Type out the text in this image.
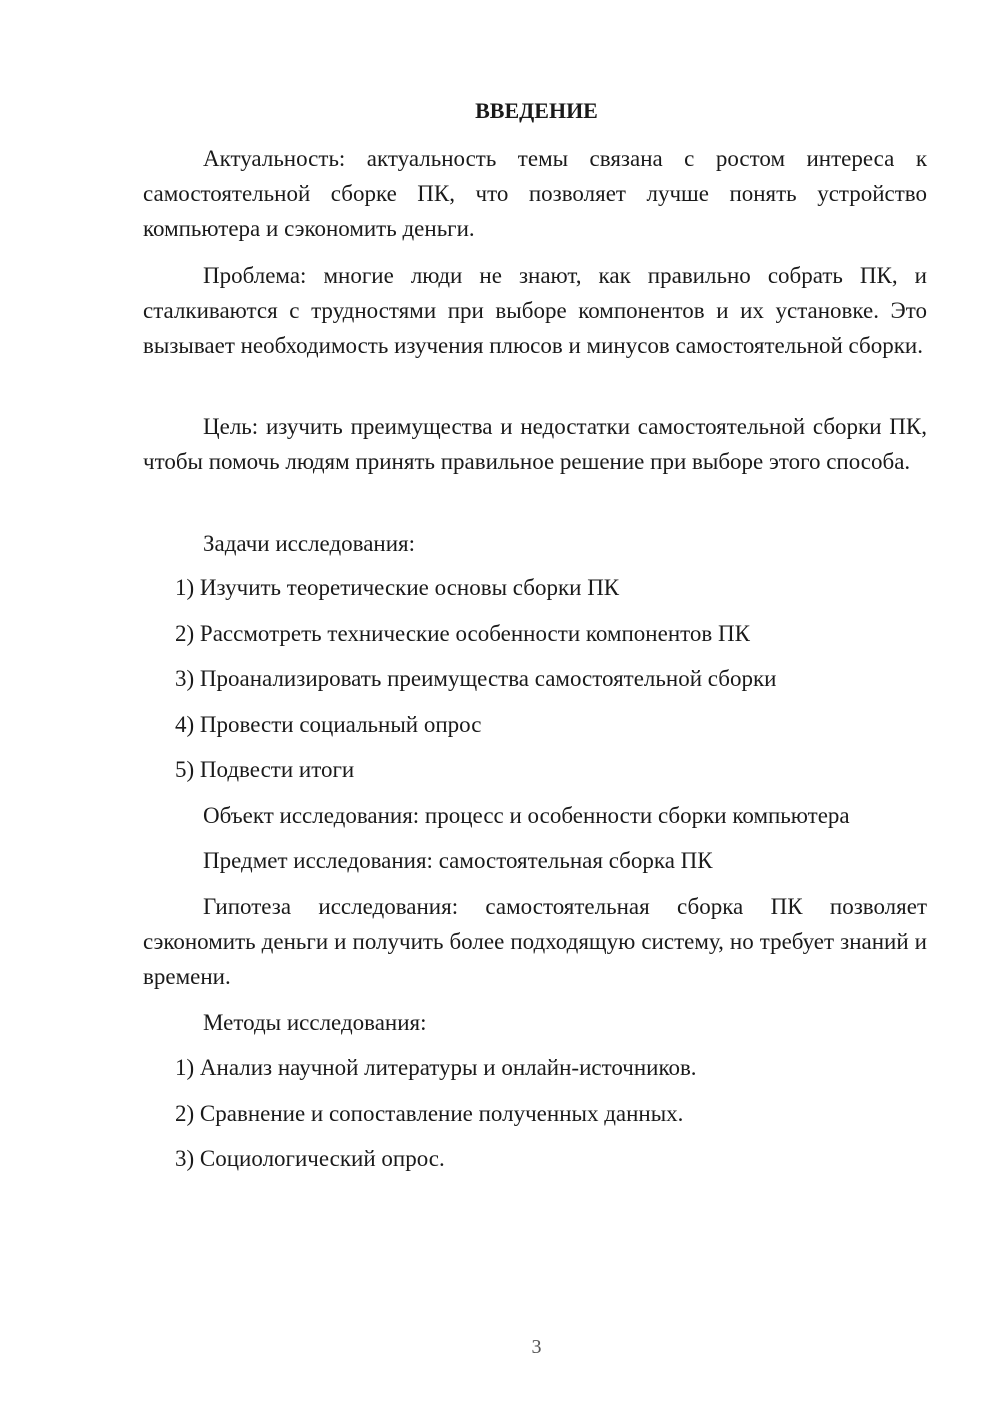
ВВЕДЕНИЕ

Актуальность: актуальность темы связана с ростом интереса к самостоятельной сборке ПК, что позволяет лучше понять устройство компьютера и сэкономить деньги.

Проблема: многие люди не знают, как правильно собрать ПК, и сталкиваются с трудностями при выборе компонентов и их установке. Это вызывает необходимость изучения плюсов и минусов самостоятельной сборки.

Цель: изучить преимущества и недостатки самостоятельной сборки ПК, чтобы помочь людям принять правильное решение при выборе этого способа.

Задачи исследования:

1) Изучить теоретические основы сборки ПК

2) Рассмотреть технические особенности компонентов ПК

3) Проанализировать преимущества самостоятельной сборки

4) Провести социальный опрос

5) Подвести итоги

Объект исследования: процесс и особенности сборки компьютера

Предмет исследования: самостоятельная сборка ПК

Гипотеза исследования: самостоятельная сборка ПК позволяет сэкономить деньги и получить более подходящую систему, но требует знаний и времени.

Методы исследования:

1) Анализ научной литературы и онлайн-источников.

2) Сравнение и сопоставление полученных данных.

3) Социологический опрос.

3
